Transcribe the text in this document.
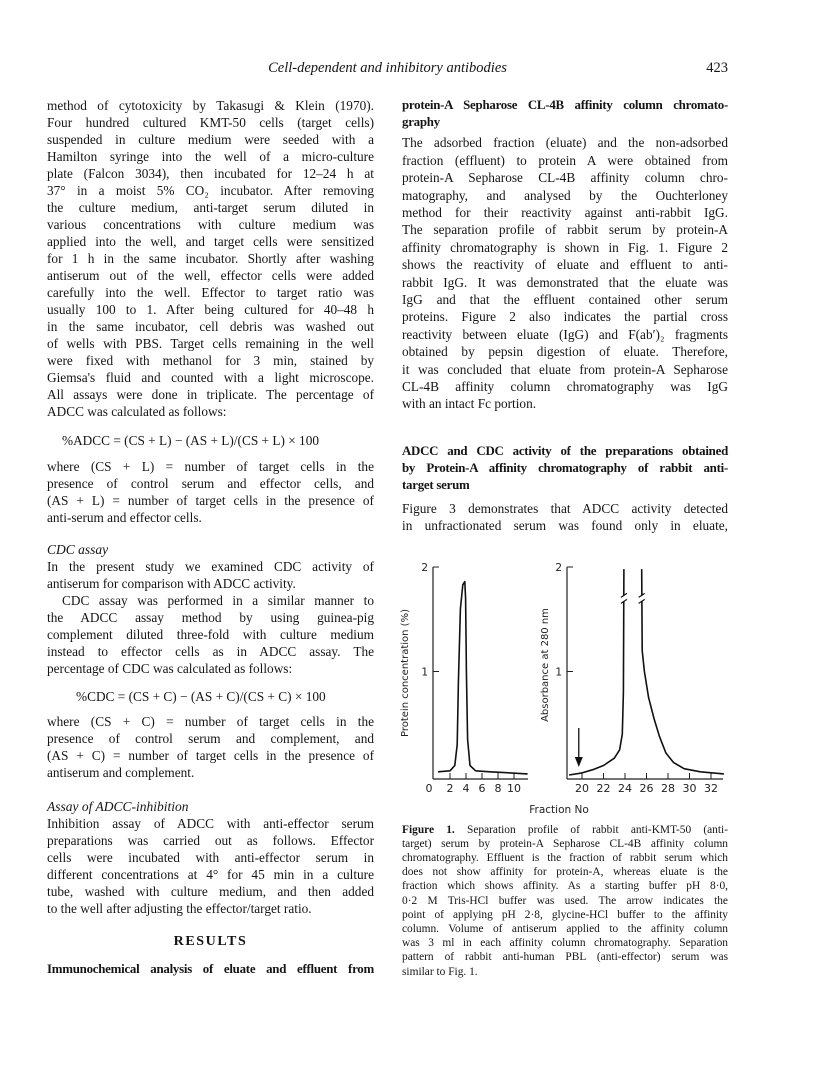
Cell-dependent and inhibitory antibodies	423
method of cytotoxicity by Takasugi & Klein (1970).
Four hundred cultured KMT-50 cells (target cells)
suspended in culture medium were seeded with a
Hamilton syringe into the well of a micro-culture
plate (Falcon 3034), then incubated for 12–24 h at
37° in a moist 5% CO₂ incubator. After removing
the culture medium, anti-target serum diluted in
various concentrations with culture medium was
applied into the well, and target cells were sensitized
for 1 h in the same incubator. Shortly after washing
antiserum out of the well, effector cells were added
carefully into the well. Effector to target ratio was
usually 100 to 1. After being cultured for 40–48 h
in the same incubator, cell debris was washed out
of wells with PBS. Target cells remaining in the well
were fixed with methanol for 3 min, stained by
Giemsa's fluid and counted with a light microscope.
All assays were done in triplicate. The percentage of
ADCC was calculated as follows:
%ADCC = (CS + L) − (AS + L)/(CS + L) × 100
where (CS + L) = number of target cells in the
presence of control serum and effector cells, and
(AS + L) = number of target cells in the presence of
anti-serum and effector cells.
CDC assay
In the present study we examined CDC activity of
antiserum for comparison with ADCC activity.
CDC assay was performed in a similar manner to
the ADCC assay method by using guinea-pig
complement diluted three-fold with culture medium
instead to effector cells as in ADCC assay. The
percentage of CDC was calculated as follows:
%CDC = (CS + C) − (AS + C)/(CS + C) × 100
where (CS + C) = number of target cells in the
presence of control serum and complement, and
(AS + C) = number of target cells in the presence of
antiserum and complement.
Assay of ADCC-inhibition
Inhibition assay of ADCC with anti-effector serum
preparations was carried out as follows. Effector
cells were incubated with anti-effector serum in
different concentrations at 4° for 45 min in a culture
tube, washed with culture medium, and then added
to the well after adjusting the effector/target ratio.
RESULTS
Immunochemical analysis of eluate and effluent from
protein-A Sepharose CL-4B affinity column chromato-
graphy
The adsorbed fraction (eluate) and the non-adsorbed
fraction (effluent) to protein A were obtained from
protein-A Sepharose CL-4B affinity column chro-
matography, and analysed by the Ouchterloney
method for their reactivity against anti-rabbit IgG.
The separation profile of rabbit serum by protein-A
affinity chromatography is shown in Fig. 1. Figure 2
shows the reactivity of eluate and effluent to anti-
rabbit IgG. It was demonstrated that the eluate was
IgG and that the effluent contained other serum
proteins. Figure 2 also indicates the partial cross
reactivity between eluate (IgG) and F(ab′)₂ fragments
obtained by pepsin digestion of eluate. Therefore,
it was concluded that eluate from protein-A Sepharose
CL-4B affinity column chromatography was IgG
with an intact Fc portion.
ADCC and CDC activity of the preparations obtained
by Protein-A affinity chromatography of rabbit anti-
target serum
Figure 3 demonstrates that ADCC activity detected
in unfractionated serum was found only in eluate,
1
2
0 2 4 6 8 10
Protein concentration (%)	1
2
20 22 24 26 28 30 32
Absorbance at 280 nm
Fraction No
Figure 1. Separation profile of rabbit anti-KMT-50 (anti-
target) serum by protein-A Sepharose CL-4B affinity column
chromatography. Effluent is the fraction of rabbit serum which
does not show affinity for protein-A, whereas eluate is the
fraction which shows affinity. As a starting buffer pH 8·0,
0·2 M Tris-HCl buffer was used. The arrow indicates the
point of applying pH 2·8, glycine-HCl buffer to the affinity
column. Volume of antiserum applied to the affinity column
was 3 ml in each affinity column chromatography. Separation
pattern of rabbit anti-human PBL (anti-effector) serum was
similar to Fig. 1.
